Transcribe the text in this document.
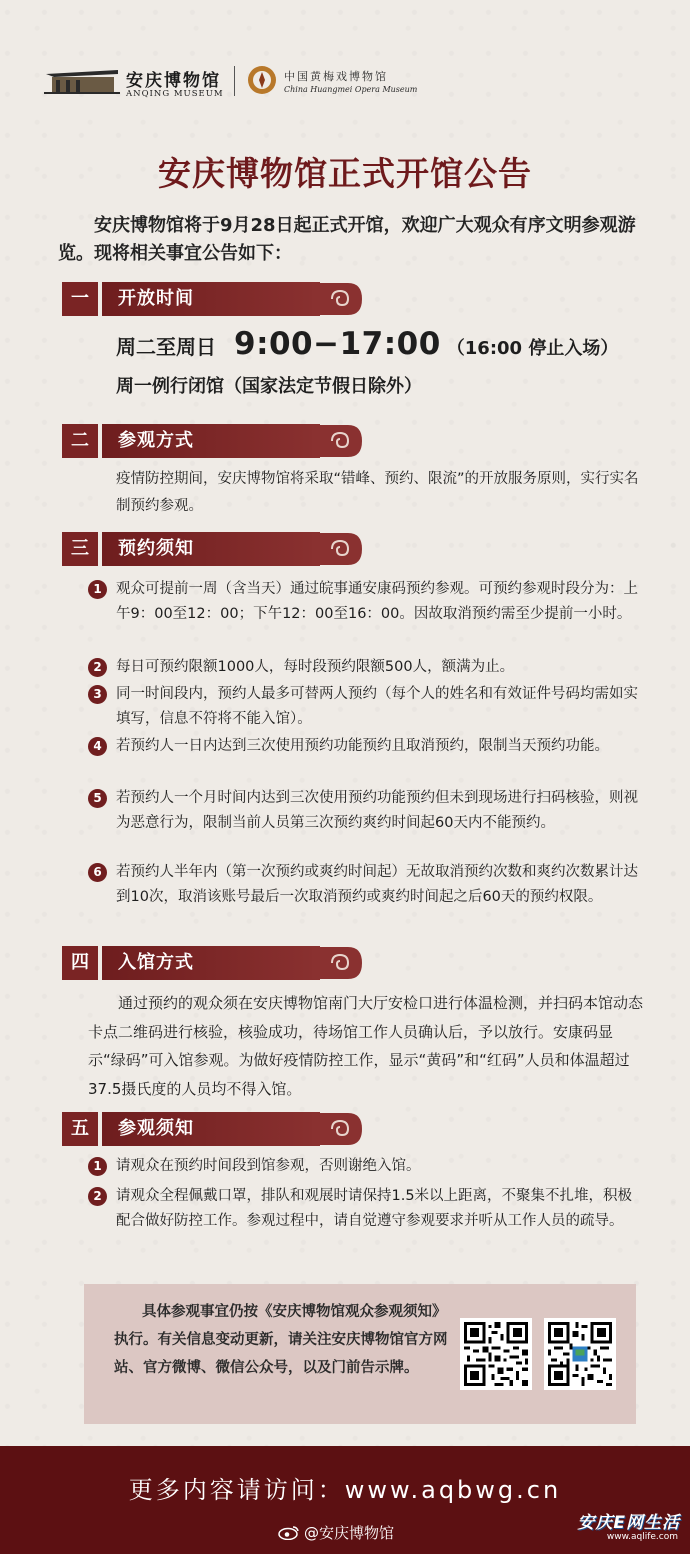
安庆博物馆
ANQING MUSEUM
中国黄梅戏博物馆
China Huangmei Opera Museum
安庆博物馆正式开馆公告
安庆博物馆将于9月28日起正式开馆，欢迎广大观众有序文明参观游览。现将相关事宜公告如下：
一	开放时间
周二至周日 9:00−17:00 （16:00 停止入场）
周一例行闭馆（国家法定节假日除外）
二	参观方式
疫情防控期间，安庆博物馆将采取“错峰、预约、限流”的开放服务原则，实行实名制预约参观。
三	预约须知
1 观众可提前一周（含当天）通过皖事通安康码预约参观。可预约参观时段分为：上午9：00至12：00；下午12：00至16：00。因故取消预约需至少提前一小时。
2 每日可预约限额1000人，每时段预约限额500人，额满为止。
3 同一时间段内，预约人最多可替两人预约（每个人的姓名和有效证件号码均需如实填写，信息不符将不能入馆）。
4 若预约人一日内达到三次使用预约功能预约且取消预约，限制当天预约功能。
5 若预约人一个月时间内达到三次使用预约功能预约但未到现场进行扫码核验，则视为恶意行为，限制当前人员第三次预约爽约时间起60天内不能预约。
6 若预约人半年内（第一次预约或爽约时间起）无故取消预约次数和爽约次数累计达到10次，取消该账号最后一次取消预约或爽约时间起之后60天的预约权限。
四	入馆方式
通过预约的观众须在安庆博物馆南门大厅安检口进行体温检测，并扫码本馆动态卡点二维码进行核验，核验成功，待场馆工作人员确认后，予以放行。安康码显示“绿码”可入馆参观。为做好疫情防控工作，显示“黄码”和“红码”人员和体温超过37.5摄氏度的人员均不得入馆。
五	参观须知
1 请观众在预约时间段到馆参观，否则谢绝入馆。
2 请观众全程佩戴口罩，排队和观展时请保持1.5米以上距离，不聚集不扎堆，积极配合做好防控工作。参观过程中，请自觉遵守参观要求并听从工作人员的疏导。
具体参观事宜仍按《安庆博物馆观众参观须知》执行。有关信息变动更新，请关注安庆博物馆官方网站、官方微博、微信公众号，以及门前告示牌。
更多内容请访问：www.aqbwg.cn
@安庆博物馆	安庆E网生活
www.aqlife.com
